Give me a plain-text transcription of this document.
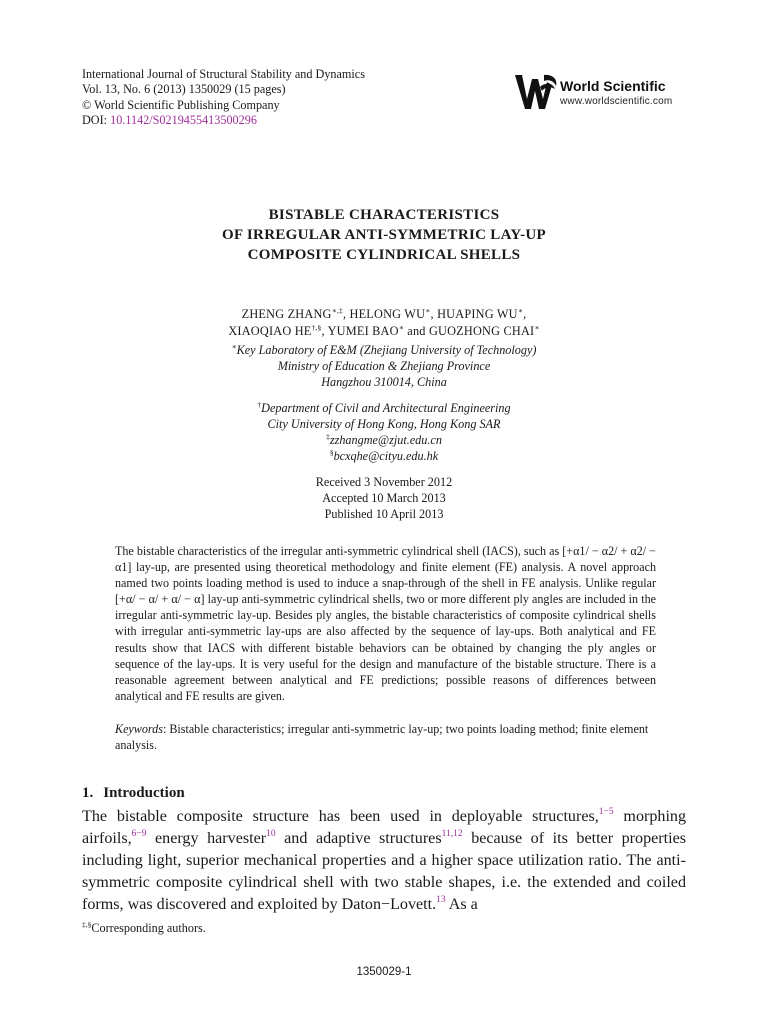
International Journal of Structural Stability and Dynamics
Vol. 13, No. 6 (2013) 1350029 (15 pages)
© World Scientific Publishing Company
DOI: 10.1142/S0219455413500296
World Scientific
www.worldscientific.com
BISTABLE CHARACTERISTICS
OF IRREGULAR ANTI-SYMMETRIC LAY-UP
COMPOSITE CYLINDRICAL SHELLS
ZHENG ZHANG∗,‡, HELONG WU∗, HUAPING WU∗,
XIAOQIAO HE†,§, YUMEI BAO∗ and GUOZHONG CHAI∗
∗Key Laboratory of E&M (Zhejiang University of Technology)
Ministry of Education & Zhejiang Province
Hangzhou 310014, China
†Department of Civil and Architectural Engineering
City University of Hong Kong, Hong Kong SAR
‡zzhangme@zjut.edu.cn
§bcxqhe@cityu.edu.hk
Received 3 November 2012
Accepted 10 March 2013
Published 10 April 2013

The bistable characteristics of the irregular anti-symmetric cylindrical shell (IACS), such as [+α1/ − α2/ + α2/ − α1] lay-up, are presented using theoretical methodology and finite element (FE) analysis. A novel approach named two points loading method is used to induce a snap-through of the shell in FE analysis. Unlike regular [+α/ − α/ + α/ − α] lay-up anti-symmetric cylindrical shells, two or more different ply angles are included in the irregular anti-symmetric lay-up. Besides ply angles, the bistable characteristics of composite cylindrical shells with irregular anti-symmetric lay-ups are also affected by the sequence of lay-ups. Both analytical and FE results show that IACS with different bistable behaviors can be obtained by changing the ply angles or sequence of the lay-ups. It is very useful for the design and manufacture of the bistable structure. There is a reasonable agreement between analytical and FE predictions; possible reasons of differences between analytical and FE results are given.

Keywords: Bistable characteristics; irregular anti-symmetric lay-up; two points loading method; finite element analysis.
1. Introduction

The bistable composite structure has been used in deployable structures,$^{1-5}$ morphing airfoils,$^{6-9}$ energy harvester$^{10}$ and adaptive structures$^{11,12}$ because of its better properties including light, superior mechanical properties and a higher space utilization ratio. The anti-symmetric composite cylindrical shell with two stable shapes, i.e. the extended and coiled forms, was discovered and exploited by Daton−Lovett.$^{13}$ As a

‡,§Corresponding authors.
1350029-1
